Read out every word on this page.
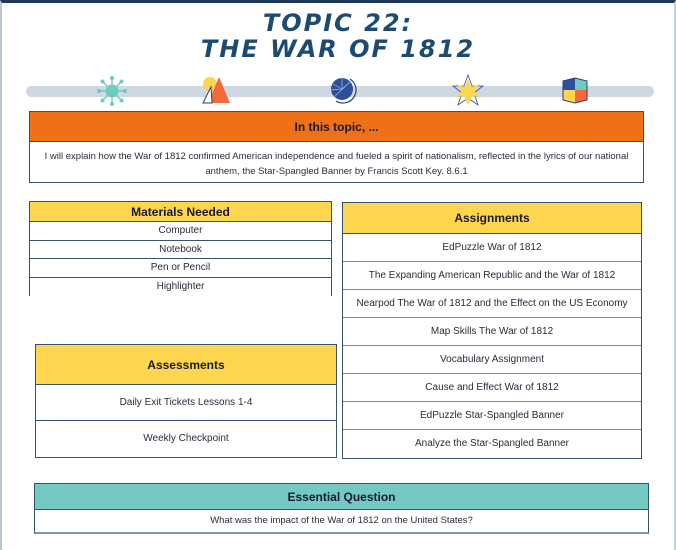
TOPIC 22:
THE WAR OF 1812
In this topic, ...
I will explain how the War of 1812 confirmed American independence and fueled a spirit of nationalism, reflected in the lyrics of our national anthem, the Star-Spangled Banner by Francis Scott Key. 8.6.1
Materials Needed
Computer
Notebook
Pen or Pencil
Highlighter
Assignments
EdPuzzle War of 1812
The Expanding American Republic and the War of 1812
Nearpod The War of 1812 and the Effect on the US Economy
Map Skills The War of 1812
Vocabulary Assignment
Cause and Effect War of 1812
EdPuzzle Star-Spangled Banner
Analyze the Star-Spangled Banner
Assessments
Daily Exit Tickets Lessons 1-4
Weekly Checkpoint
Essential Question
What was the impact of the War of 1812 on the United States?
